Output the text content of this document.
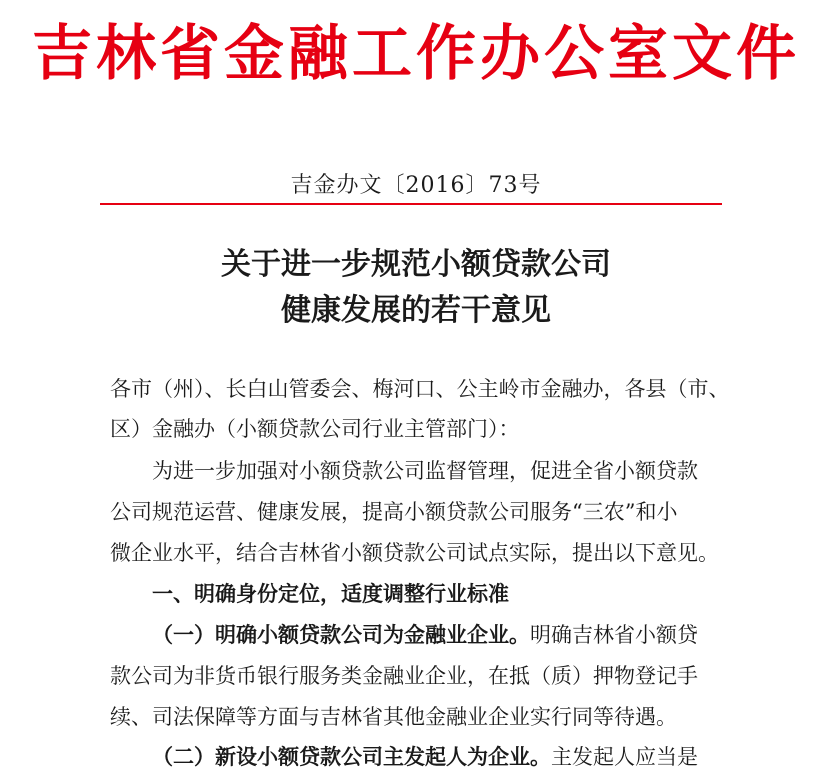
吉林省金融工作办公室文件
吉金办文〔2016〕73号
关于进一步规范小额贷款公司
健康发展的若干意见
各市（州）、长白山管委会、梅河口、公主岭市金融办，各县（市、
区）金融办（小额贷款公司行业主管部门）：
为进一步加强对小额贷款公司监督管理，促进全省小额贷款
公司规范运营、健康发展，提高小额贷款公司服务“三农”和小
微企业水平，结合吉林省小额贷款公司试点实际，提出以下意见。
一、明确身份定位，适度调整行业标准
（一）明确小额贷款公司为金融业企业。明确吉林省小额贷
款公司为非货币银行服务类金融业企业，在抵（质）押物登记手
续、司法保障等方面与吉林省其他金融业企业实行同等待遇。
（二）新设小额贷款公司主发起人为企业。主发起人应当是
